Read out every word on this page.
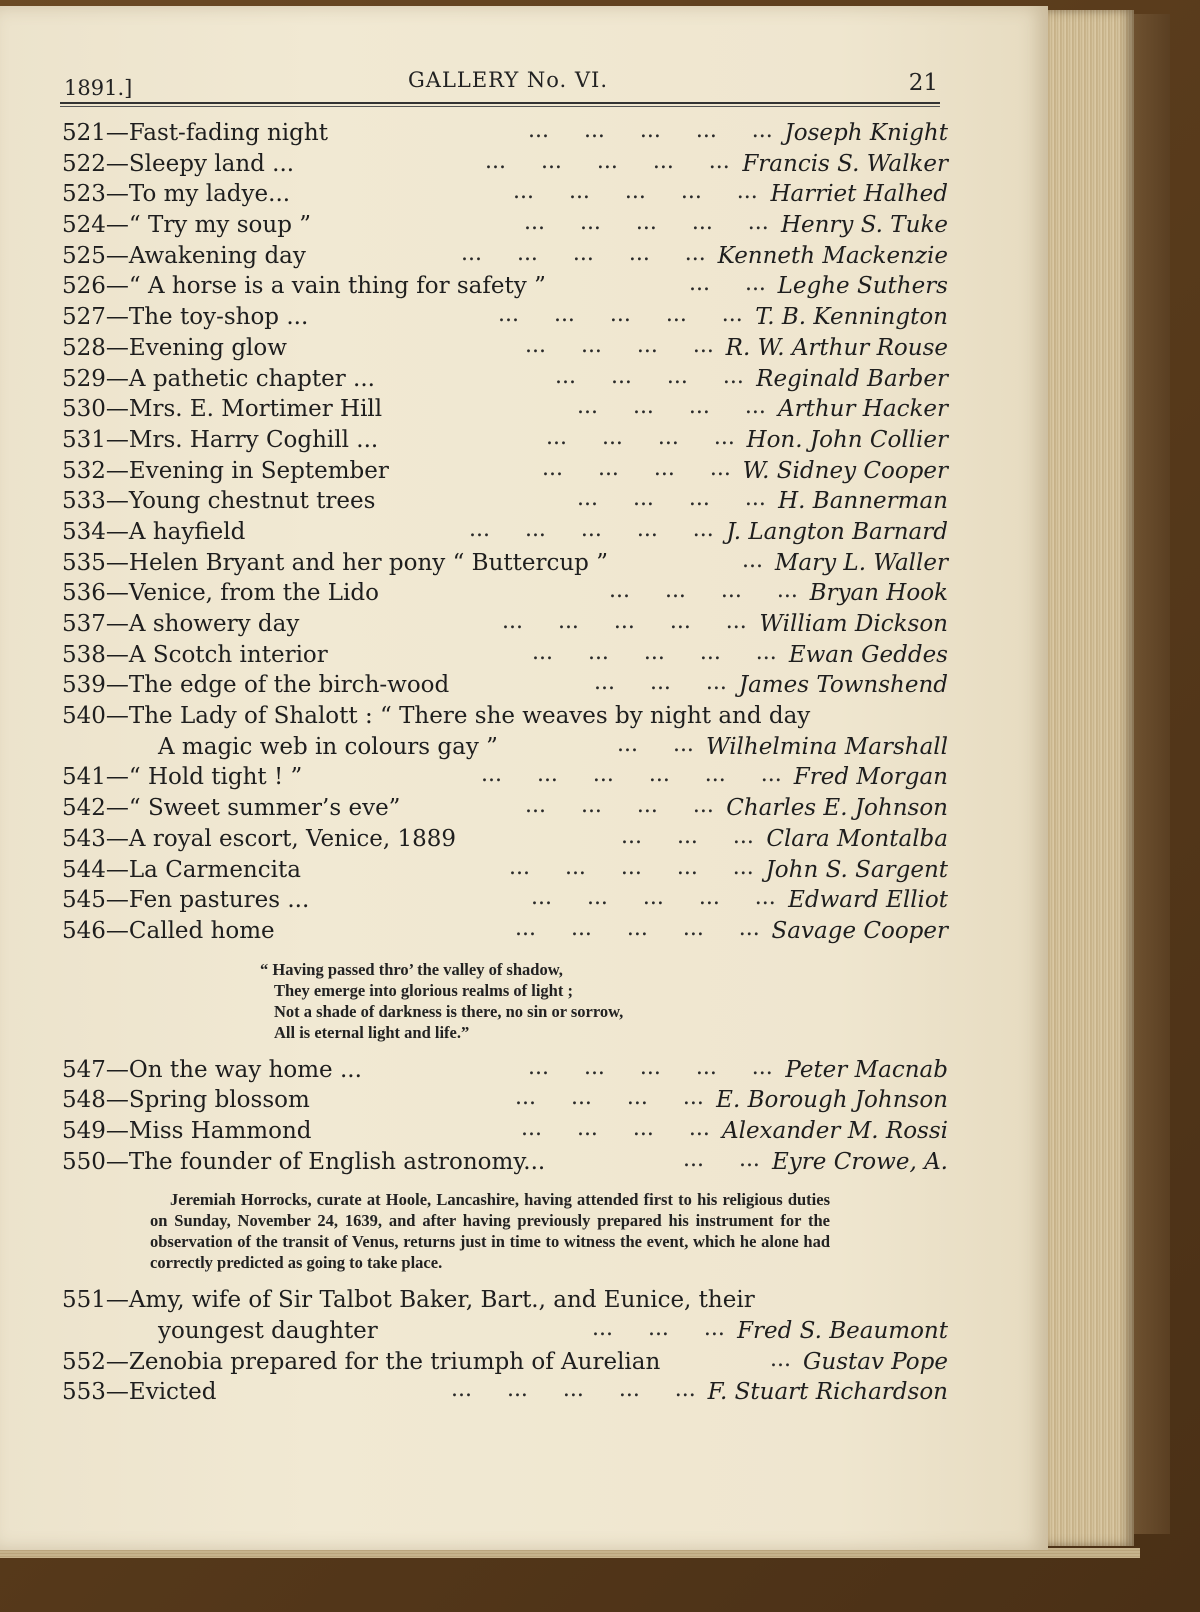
1891.]	GALLERY No. VI.	21
521—Fast-fading night	...     ...     ...     ...     ... Joseph Knight
522—Sleepy land ...	...     ...     ...     ...     ... Francis S. Walker
523—To my ladye...	...     ...     ...     ...     ... Harriet Halhed
524—“ Try my soup ”	...     ...     ...     ...     ... Henry S. Tuke
525—Awakening day	...     ...     ...     ...     ... Kenneth Mackenzie
526—“ A horse is a vain thing for safety ”	...     ... Leghe Suthers
527—The toy-shop ...	...     ...     ...     ...     ... T. B. Kennington
528—Evening glow	...     ...     ...     ... R. W. Arthur Rouse
529—A pathetic chapter ...	...     ...     ...     ... Reginald Barber
530—Mrs. E. Mortimer Hill	...     ...     ...     ... Arthur Hacker
531—Mrs. Harry Coghill ...	...     ...     ...     ... Hon. John Collier
532—Evening in September	...     ...     ...     ... W. Sidney Cooper
533—Young chestnut trees	...     ...     ...     ... H. Bannerman
534—A hayfield	...     ...     ...     ...     ... J. Langton Barnard
535—Helen Bryant and her pony “ Buttercup ”	... Mary L. Waller
536—Venice, from the Lido	...     ...     ...     ... Bryan Hook
537—A showery day	...     ...     ...     ...     ... William Dickson
538—A Scotch interior	...     ...     ...     ...     ... Ewan Geddes
539—The edge of the birch-wood	...     ...     ... James Townshend
540—The Lady of Shalott : “ There she weaves by night and day
A magic web in colours gay ”	...     ... Wilhelmina Marshall
541—“ Hold tight ! ”	...     ...     ...     ...     ...     ... Fred Morgan
542—“ Sweet summer’s eve”	...     ...     ...     ... Charles E. Johnson
543—A royal escort, Venice, 1889	...     ...     ... Clara Montalba
544—La Carmencita	...     ...     ...     ...     ... John S. Sargent
545—Fen pastures ...	...     ...     ...     ...     ... Edward Elliot
546—Called home	...     ...     ...     ...     ... Savage Cooper
“ Having passed thro’ the valley of shadow,
They emerge into glorious realms of light ;
Not a shade of darkness is there, no sin or sorrow,
All is eternal light and life.”
547—On the way home ...	...     ...     ...     ...     ... Peter Macnab
548—Spring blossom	...     ...     ...     ... E. Borough Johnson
549—Miss Hammond	...     ...     ...     ... Alexander M. Rossi
550—The founder of English astronomy...	...     ... Eyre Crowe, A.
Jeremiah Horrocks, curate at Hoole, Lancashire, having attended first to his religious duties on Sunday, November 24, 1639, and after having previously prepared his instrument for the observation of the transit of Venus, returns just in time to witness the event, which he alone had correctly predicted as going to take place.
551—Amy, wife of Sir Talbot Baker, Bart., and Eunice, their
youngest daughter	...     ...     ... Fred S. Beaumont
552—Zenobia prepared for the triumph of Aurelian	... Gustav Pope
553—Evicted	...     ...     ...     ...     ... F. Stuart Richardson
